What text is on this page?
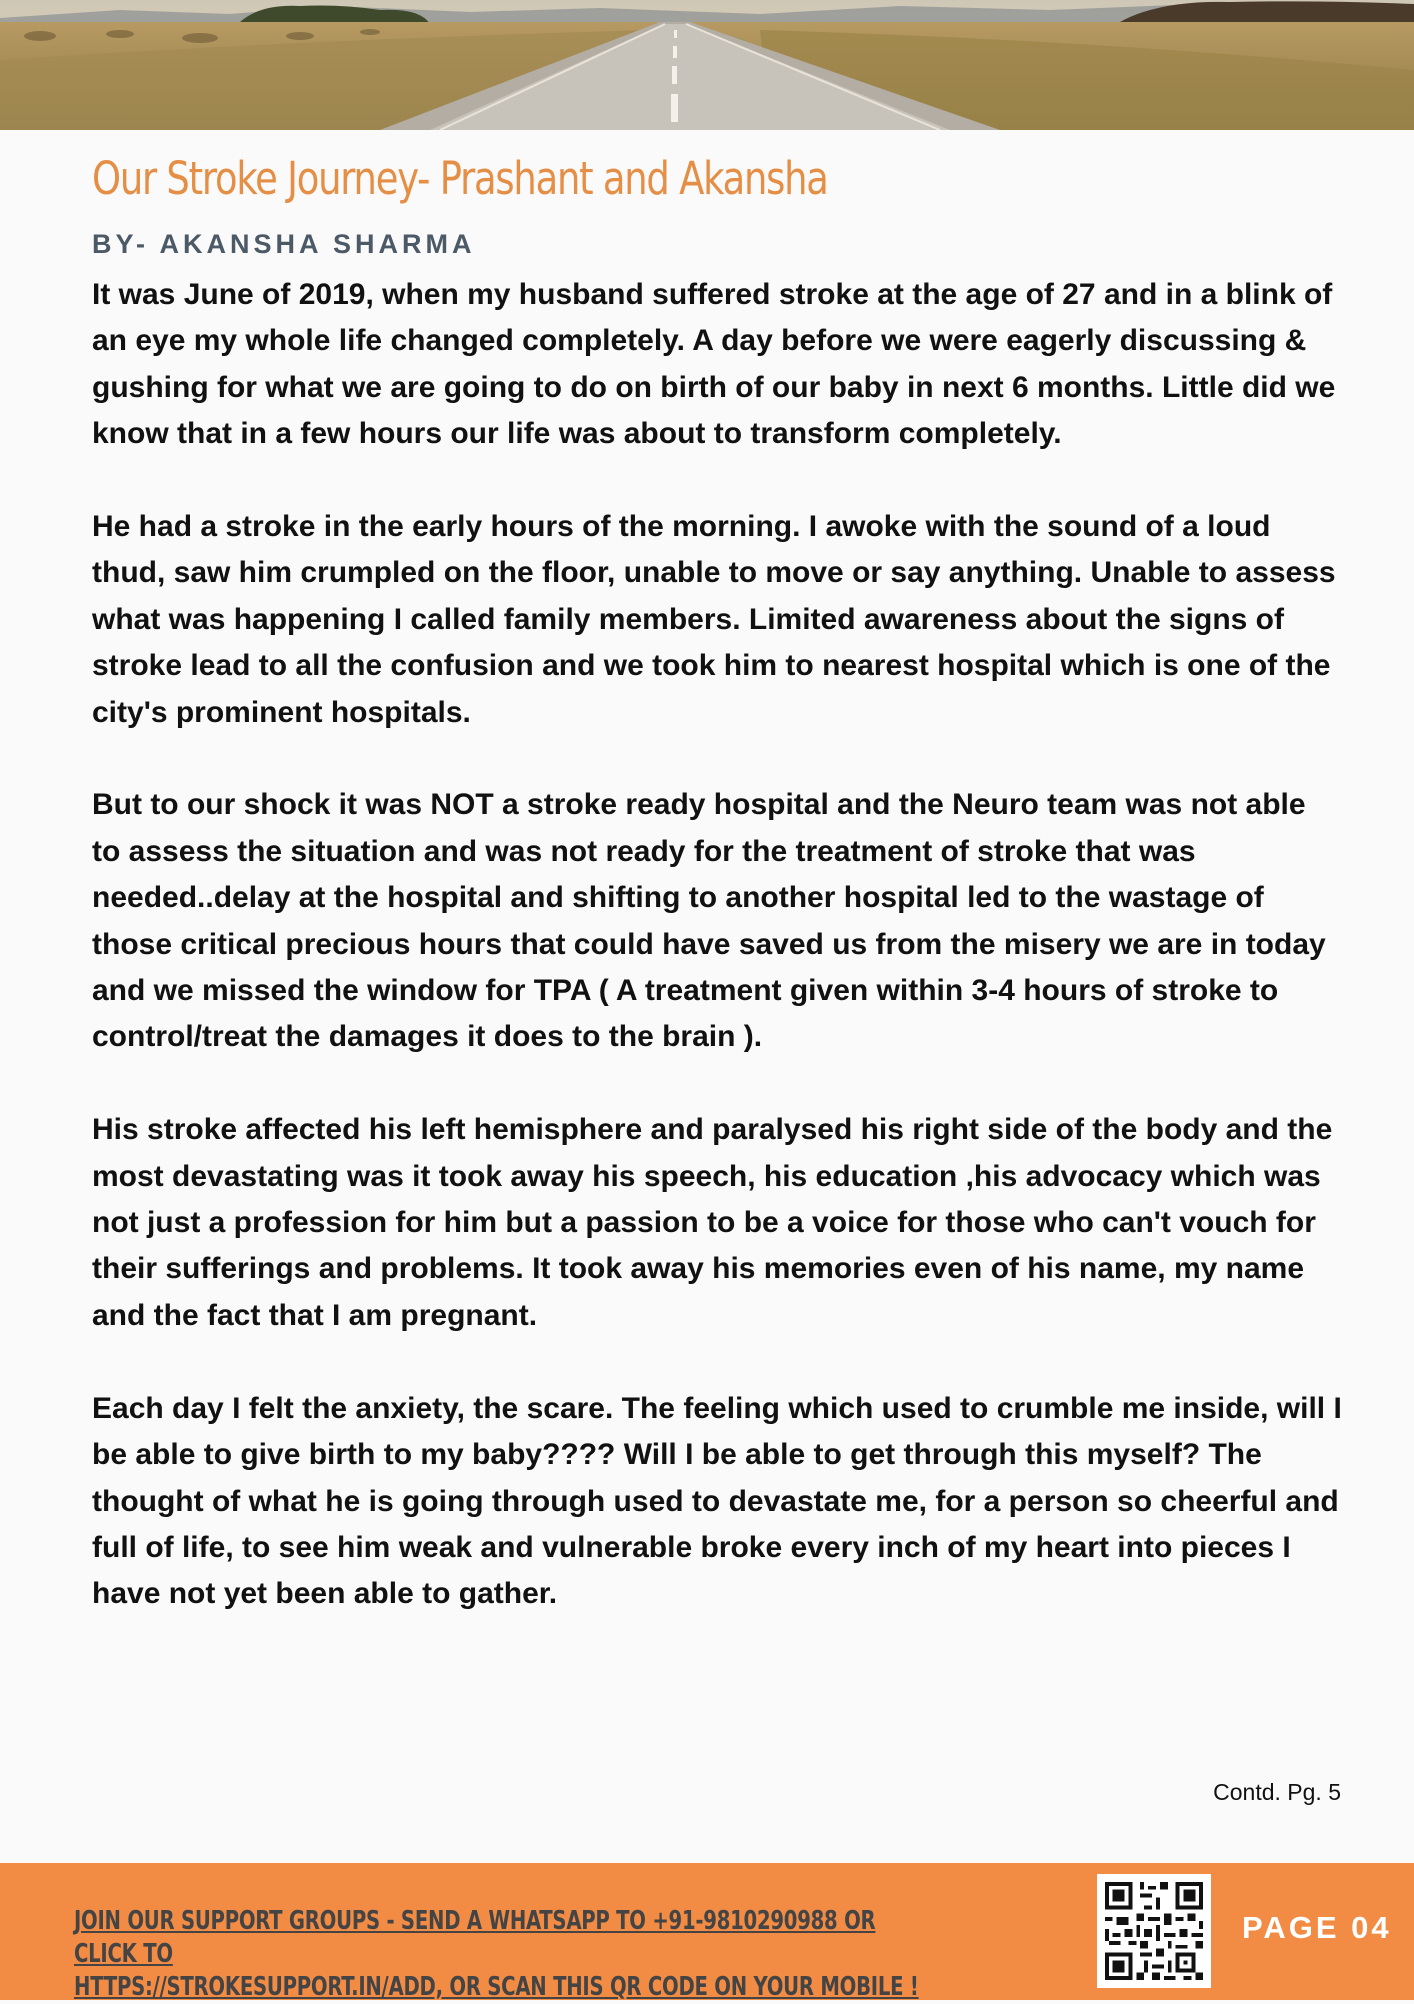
Our Stroke Journey- Prashant and Akansha
BY- AKANSHA SHARMA

It was June of 2019, when my husband suffered stroke at the age of 27 and in a blink of an eye my whole life changed completely. A day before we were eagerly discussing & gushing for what we are going to do on birth of our baby in next 6 months. Little did we know that in a few hours our life was about to transform completely.

He had a stroke in the early hours of the morning. I awoke with the sound of a loud thud, saw him crumpled on the floor, unable to move or say anything. Unable to assess what was happening I called family members. Limited awareness about the signs of stroke lead to all the confusion and we took him to nearest hospital which is one of the city's prominent hospitals.

But to our shock it was NOT a stroke ready hospital and the Neuro team was not able to assess the situation and was not ready for the treatment of stroke that was needed..delay at the hospital and shifting to another hospital led to the wastage of those critical precious hours that could have saved us from the misery we are in today and we missed the window for TPA ( A treatment given within 3-4 hours of stroke to control/treat the damages it does to the brain ).

His stroke affected his left hemisphere and paralysed his right side of the body and the most devastating was it took away his speech, his education ,his advocacy which was not just a profession for him but a passion to be a voice for those who can't vouch for their sufferings and problems. It took away his memories even of his name, my name and the fact that I am pregnant.

Each day I felt the anxiety, the scare. The feeling which used to crumble me inside, will I be able to give birth to my baby???? Will I be able to get through this myself? The thought of what he is going through used to devastate me, for a person so cheerful and full of life, to see him weak and vulnerable broke every inch of my heart into pieces I have not yet been able to gather.

Contd. Pg. 5
JOIN OUR SUPPORT GROUPS - SEND A WHATSAPP TO +91-9810290988 OR CLICK TO
HTTPS://STROKESUPPORT.IN/ADD, OR SCAN THIS QR CODE ON YOUR MOBILE !
PAGE 04
